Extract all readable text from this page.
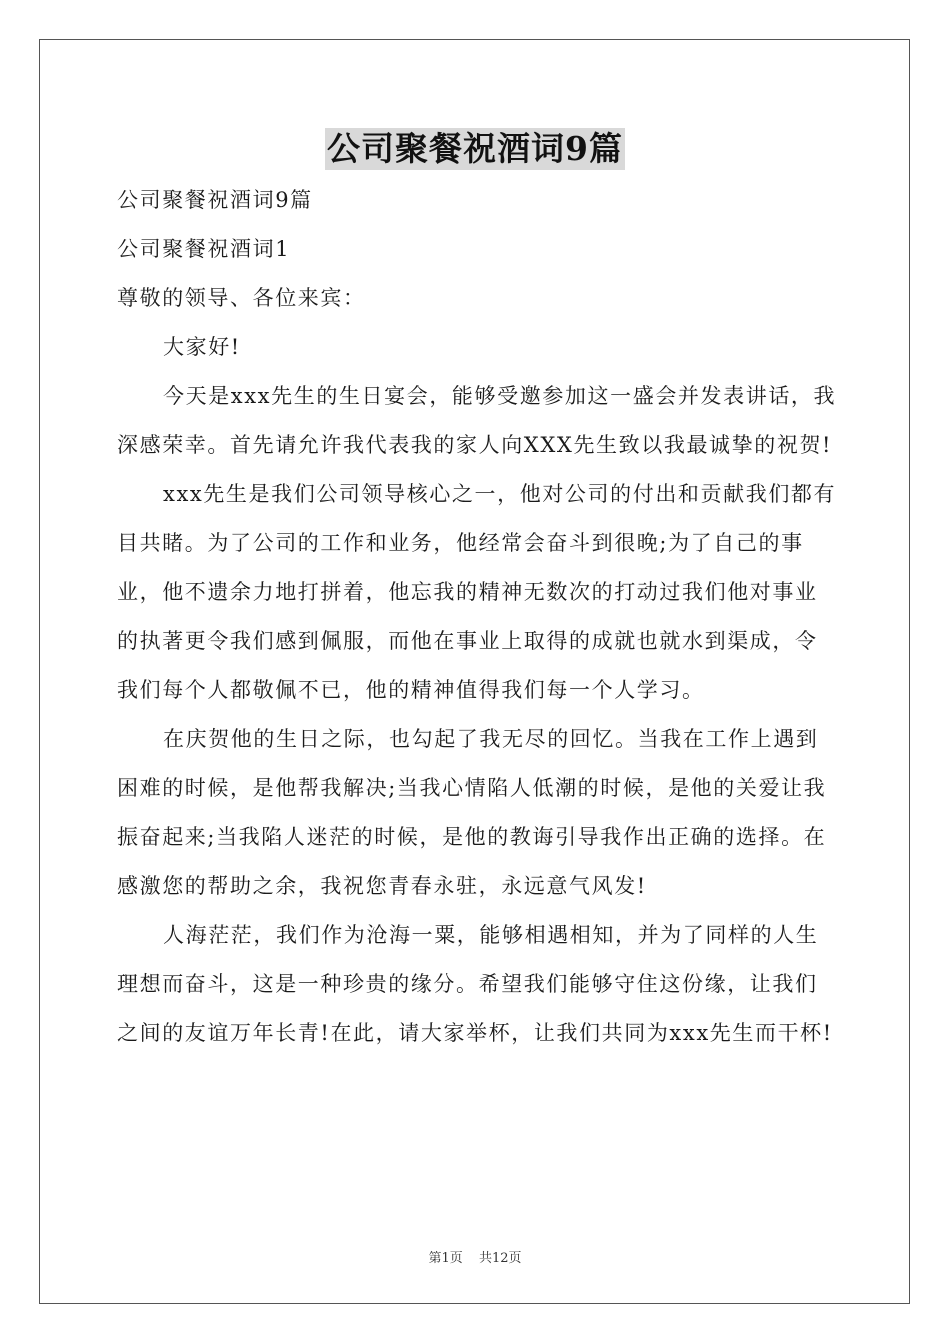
公司聚餐祝酒词9篇

公司聚餐祝酒词9篇

公司聚餐祝酒词1

尊敬的领导、各位来宾：

大家好!

今天是xxx先生的生日宴会，能够受邀参加这一盛会并发表讲话，我深感荣幸。首先请允许我代表我的家人向XXX先生致以我最诚挚的祝贺!

xxx先生是我们公司领导核心之一，他对公司的付出和贡献我们都有目共睹。为了公司的工作和业务，他经常会奋斗到很晚;为了自己的事业，他不遗余力地打拼着，他忘我的精神无数次的打动过我们他对事业的执著更令我们感到佩服，而他在事业上取得的成就也就水到渠成，令我们每个人都敬佩不已，他的精神值得我们每一个人学习。

在庆贺他的生日之际，也勾起了我无尽的回忆。当我在工作上遇到困难的时候，是他帮我解决;当我心情陷人低潮的时候，是他的关爱让我振奋起来;当我陷人迷茫的时候，是他的教诲引导我作出正确的选择。在感激您的帮助之余，我祝您青春永驻，永远意气风发!

人海茫茫，我们作为沧海一粟，能够相遇相知，并为了同样的人生理想而奋斗，这是一种珍贵的缘分。希望我们能够守住这份缘，让我们之间的友谊万年长青!在此，请大家举杯，让我们共同为xxx先生而干杯!

第1页 共12页
